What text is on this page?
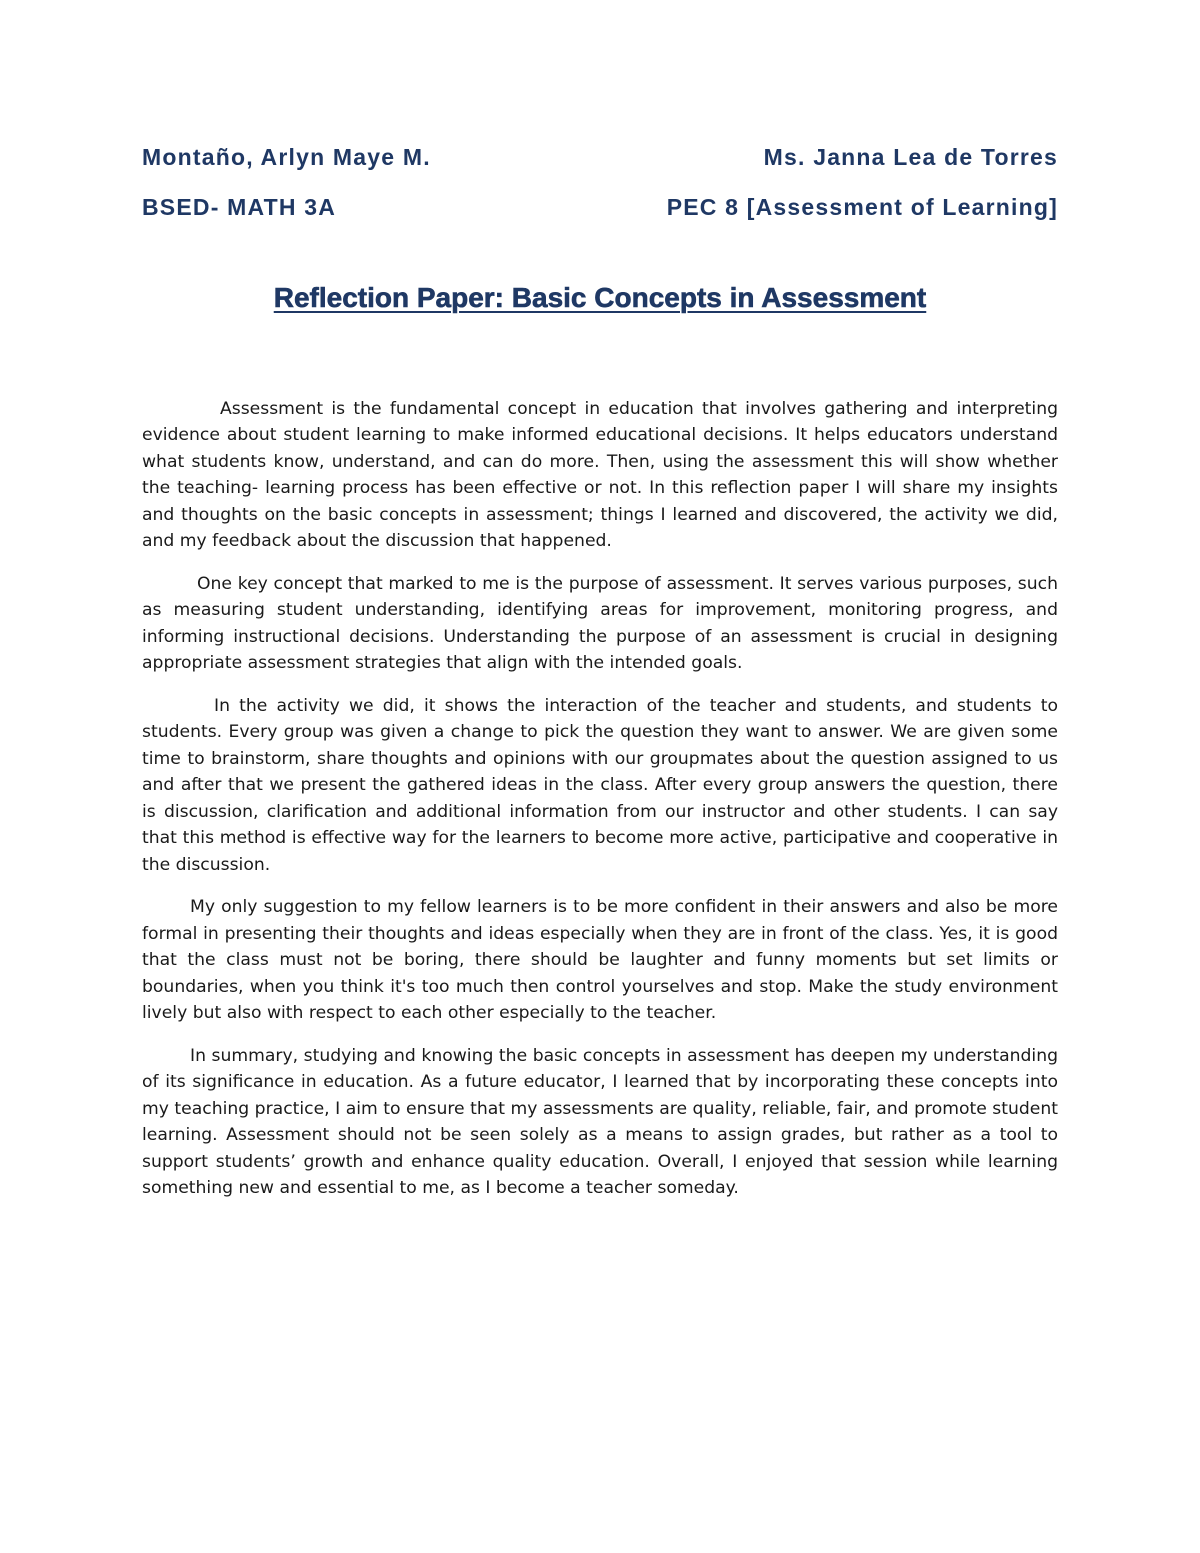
Montaño, Arlyn Maye M.	Ms. Janna Lea de Torres
BSED- MATH 3A	PEC 8 [Assessment of Learning]
Reflection Paper: Basic Concepts in Assessment

Assessment is the fundamental concept in education that involves gathering and interpreting evidence about student learning to make informed educational decisions. It helps educators understand what students know, understand, and can do more. Then, using the assessment this will show whether the teaching- learning process has been effective or not. In this reflection paper I will share my insights and thoughts on the basic concepts in assessment; things I learned and discovered, the activity we did, and my feedback about the discussion that happened.

One key concept that marked to me is the purpose of assessment. It serves various purposes, such as measuring student understanding, identifying areas for improvement, monitoring progress, and informing instructional decisions. Understanding the purpose of an assessment is crucial in designing appropriate assessment strategies that align with the intended goals.

In the activity we did, it shows the interaction of the teacher and students, and students to students. Every group was given a change to pick the question they want to answer. We are given some time to brainstorm, share thoughts and opinions with our groupmates about the question assigned to us and after that we present the gathered ideas in the class. After every group answers the question, there is discussion, clarification and additional information from our instructor and other students. I can say that this method is effective way for the learners to become more active, participative and cooperative in the discussion.

My only suggestion to my fellow learners is to be more confident in their answers and also be more formal in presenting their thoughts and ideas especially when they are in front of the class. Yes, it is good that the class must not be boring, there should be laughter and funny moments but set limits or boundaries, when you think it's too much then control yourselves and stop. Make the study environment lively but also with respect to each other especially to the teacher.

In summary, studying and knowing the basic concepts in assessment has deepen my understanding of its significance in education. As a future educator, I learned that by incorporating these concepts into my teaching practice, I aim to ensure that my assessments are quality, reliable, fair, and promote student learning. Assessment should not be seen solely as a means to assign grades, but rather as a tool to support students’ growth and enhance quality education. Overall, I enjoyed that session while learning something new and essential to me, as I become a teacher someday.
